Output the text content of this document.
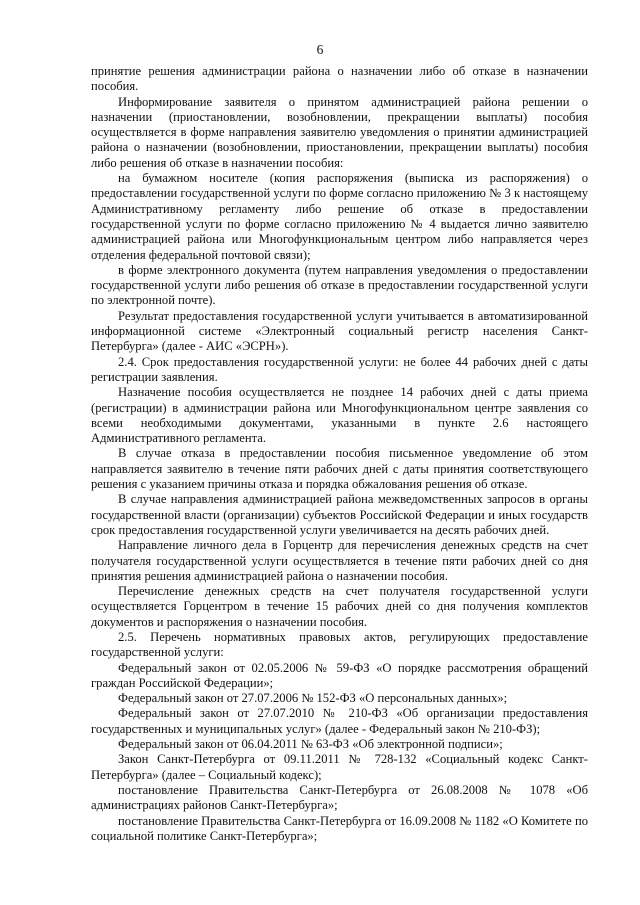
6

принятие решения администрации района о назначении либо об отказе в назначении пособия.

Информирование заявителя о принятом администрацией района решении о назначении (приостановлении, возобновлении, прекращении выплаты) пособия осуществляется в форме направления заявителю уведомления о принятии администрацией района о назначении (возобновлении, приостановлении, прекращении выплаты) пособия либо решения об отказе в назначении пособия:

на бумажном носителе (копия распоряжения (выписка из распоряжения) о предоставлении государственной услуги по форме согласно приложению № 3 к настоящему Административному регламенту либо решение об отказе в предоставлении государственной услуги по форме согласно приложению № 4 выдается лично заявителю администрацией района или Многофункциональным центром либо направляется через отделения федеральной почтовой связи);

в форме электронного документа (путем направления уведомления о предоставлении государственной услуги либо решения об отказе в предоставлении государственной услуги по электронной почте).

Результат предоставления государственной услуги учитывается в автоматизированной информационной системе «Электронный социальный регистр населения Санкт-Петербурга» (далее - АИС «ЭСРН»).

2.4. Срок предоставления государственной услуги: не более 44 рабочих дней с даты регистрации заявления.

Назначение пособия осуществляется не позднее 14 рабочих дней с даты приема (регистрации) в администрации района или Многофункциональном центре заявления со всеми необходимыми документами, указанными в пункте 2.6 настоящего Административного регламента.

В случае отказа в предоставлении пособия письменное уведомление об этом направляется заявителю в течение пяти рабочих дней с даты принятия соответствующего решения с указанием причины отказа и порядка обжалования решения об отказе.

В случае направления администрацией района межведомственных запросов в органы государственной власти (организации) субъектов Российской Федерации и иных государств срок предоставления государственной услуги увеличивается на десять рабочих дней.

Направление личного дела в Горцентр для перечисления денежных средств на счет получателя государственной услуги осуществляется в течение пяти рабочих дней со дня принятия решения администрацией района о назначении пособия.

Перечисление денежных средств на счет получателя государственной услуги осуществляется Горцентром в течение 15 рабочих дней со дня получения комплектов документов и распоряжения о назначении пособия.

2.5. Перечень нормативных правовых актов, регулирующих предоставление государственной услуги:

Федеральный закон от 02.05.2006 № 59-ФЗ «О порядке рассмотрения обращений граждан Российской Федерации»;

Федеральный закон от 27.07.2006 № 152-ФЗ «О персональных данных»;

Федеральный закон от 27.07.2010 № 210-ФЗ «Об организации предоставления государственных и муниципальных услуг» (далее - Федеральный закон № 210-ФЗ);

Федеральный закон от 06.04.2011 № 63-ФЗ «Об электронной подписи»;

Закон Санкт-Петербурга от 09.11.2011 № 728-132 «Социальный кодекс Санкт-Петербурга» (далее – Социальный кодекс);

постановление Правительства Санкт-Петербурга от 26.08.2008 № 1078 «Об администрациях районов Санкт-Петербурга»;

постановление Правительства Санкт-Петербурга от 16.09.2008 № 1182 «О Комитете по социальной политике Санкт-Петербурга»;
